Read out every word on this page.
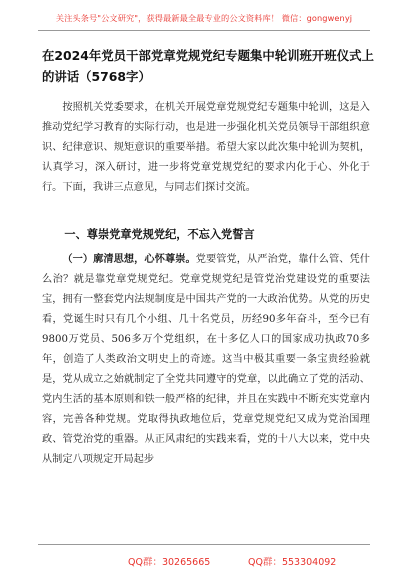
关注头条号"公文研究"，获得最新最全最专业的公文资料库！ 微信：gongwenyj
在2024年党员干部党章党规党纪专题集中轮训班开班仪式上的讲话（5768字）
按照机关党委要求，在机关开展党章党规党纪专题集中轮训，这是入推动党纪学习教育的实际行动，也是进一步强化机关党员领导干部组织意识、纪律意识、规矩意识的重要举措。希望大家以此次集中轮训为契机，认真学习，深入研讨，进一步将党章党规党纪的要求内化于心、外化于行。下面，我讲三点意见，与同志们探讨交流。
一、尊崇党章党规党纪，不忘入党誓言
（一）廓清思想，心怀尊崇。党要管党，从严治党，靠什么管、凭什么治？就是靠党章党规党纪。党章党规党纪是管党治党建设党的重要法宝，拥有一整套党内法规制度是中国共产党的一大政治优势。从党的历史看，党诞生时只有几个小组、几十名党员，历经90多年奋斗，至今已有9800万党员、506多万个党组织，在十多亿人口的国家成功执政70多年，创造了人类政治文明史上的奇迹。这当中极其重要一条宝贵经验就是，党从成立之始就制定了全党共同遵守的党章，以此确立了党的活动、党内生活的基本原则和铁一般严格的纪律，并且在实践中不断充实党章内容，完善各种党规。党取得执政地位后，党章党规党纪又成为党治国理政、管党治党的重器。从正风肃纪的实践来看，党的十八大以来，党中央从制定八项规定开局起步
QQ群：30265665	QQ群：553304092
